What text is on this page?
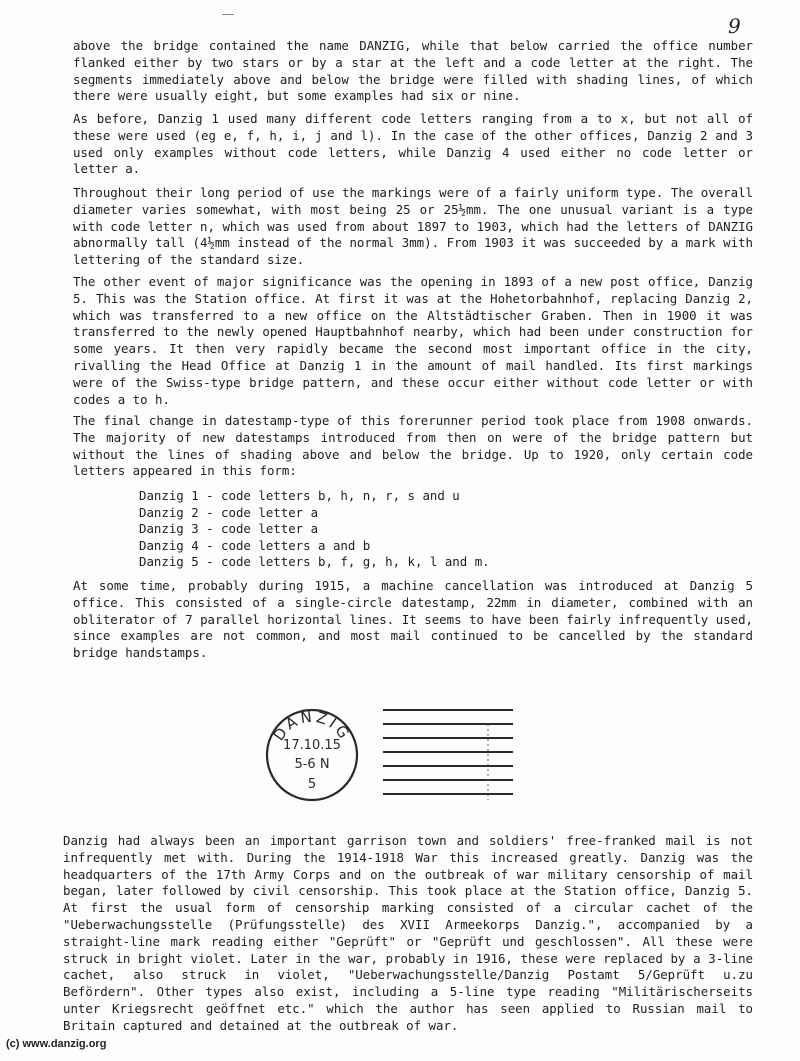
9

above the bridge contained the name DANZIG, while that below carried the office number flanked either by two stars or by a star at the left and a code letter at the right. The segments immediately above and below the bridge were filled with shading lines, of which there were usually eight, but some examples had six or nine.

As before, Danzig 1 used many different code letters ranging from a to x, but not all of these were used (eg e, f, h, i, j and l). In the case of the other offices, Danzig 2 and 3 used only examples without code letters, while Danzig 4 used either no code letter or letter a.

Throughout their long period of use the markings were of a fairly uniform type. The overall diameter varies somewhat, with most being 25 or 25½mm. The one unusual variant is a type with code letter n, which was used from about 1897 to 1903, which had the letters of DANZIG abnormally tall (4½mm instead of the normal 3mm). From 1903 it was succeeded by a mark with lettering of the standard size.

The other event of major significance was the opening in 1893 of a new post office, Danzig 5. This was the Station office. At first it was at the Hohetorbahnhof, replacing Danzig 2, which was transferred to a new office on the Altstädtischer Graben. Then in 1900 it was transferred to the newly opened Hauptbahnhof nearby, which had been under construction for some years. It then very rapidly became the second most important office in the city, rivalling the Head Office at Danzig 1 in the amount of mail handled. Its first markings were of the Swiss-type bridge pattern, and these occur either without code letter or with codes a to h.

The final change in datestamp-type of this forerunner period took place from 1908 onwards. The majority of new datestamps introduced from then on were of the bridge pattern but without the lines of shading above and below the bridge. Up to 1920, only certain code letters appeared in this form:

Danzig 1 - code letters b, h, n, r, s and u
Danzig 2 - code letter a
Danzig 3 - code letter a
Danzig 4 - code letters a and b
Danzig 5 - code letters b, f, g, h, k, l and m.

At some time, probably during 1915, a machine cancellation was introduced at Danzig 5 office. This consisted of a single-circle datestamp, 22mm in diameter, combined with an obliterator of 7 parallel horizontal lines. It seems to have been fairly infrequently used, since examples are not common, and most mail continued to be cancelled by the standard bridge handstamps.

DANZIG
17.10.15
5-6 N
5

Danzig had always been an important garrison town and soldiers' free-franked mail is not infrequently met with. During the 1914-1918 War this increased greatly. Danzig was the headquarters of the 17th Army Corps and on the outbreak of war military censorship of mail began, later followed by civil censorship. This took place at the Station office, Danzig 5. At first the usual form of censorship marking consisted of a circular cachet of the "Ueberwachungsstelle (Prüfungsstelle) des XVII Armeekorps Danzig.", accompanied by a straight-line mark reading either "Geprüft" or "Geprüft und geschlossen". All these were struck in bright violet. Later in the war, probably in 1916, these were replaced by a 3-line cachet, also struck in violet, "Ueberwachungsstelle/Danzig Postamt 5/Geprüft u.zu Befördern". Other types also exist, including a 5-line type reading "Militärischerseits unter Kriegsrecht geöffnet etc." which the author has seen applied to Russian mail to Britain captured and detained at the outbreak of war.

(c) www.danzig.org
